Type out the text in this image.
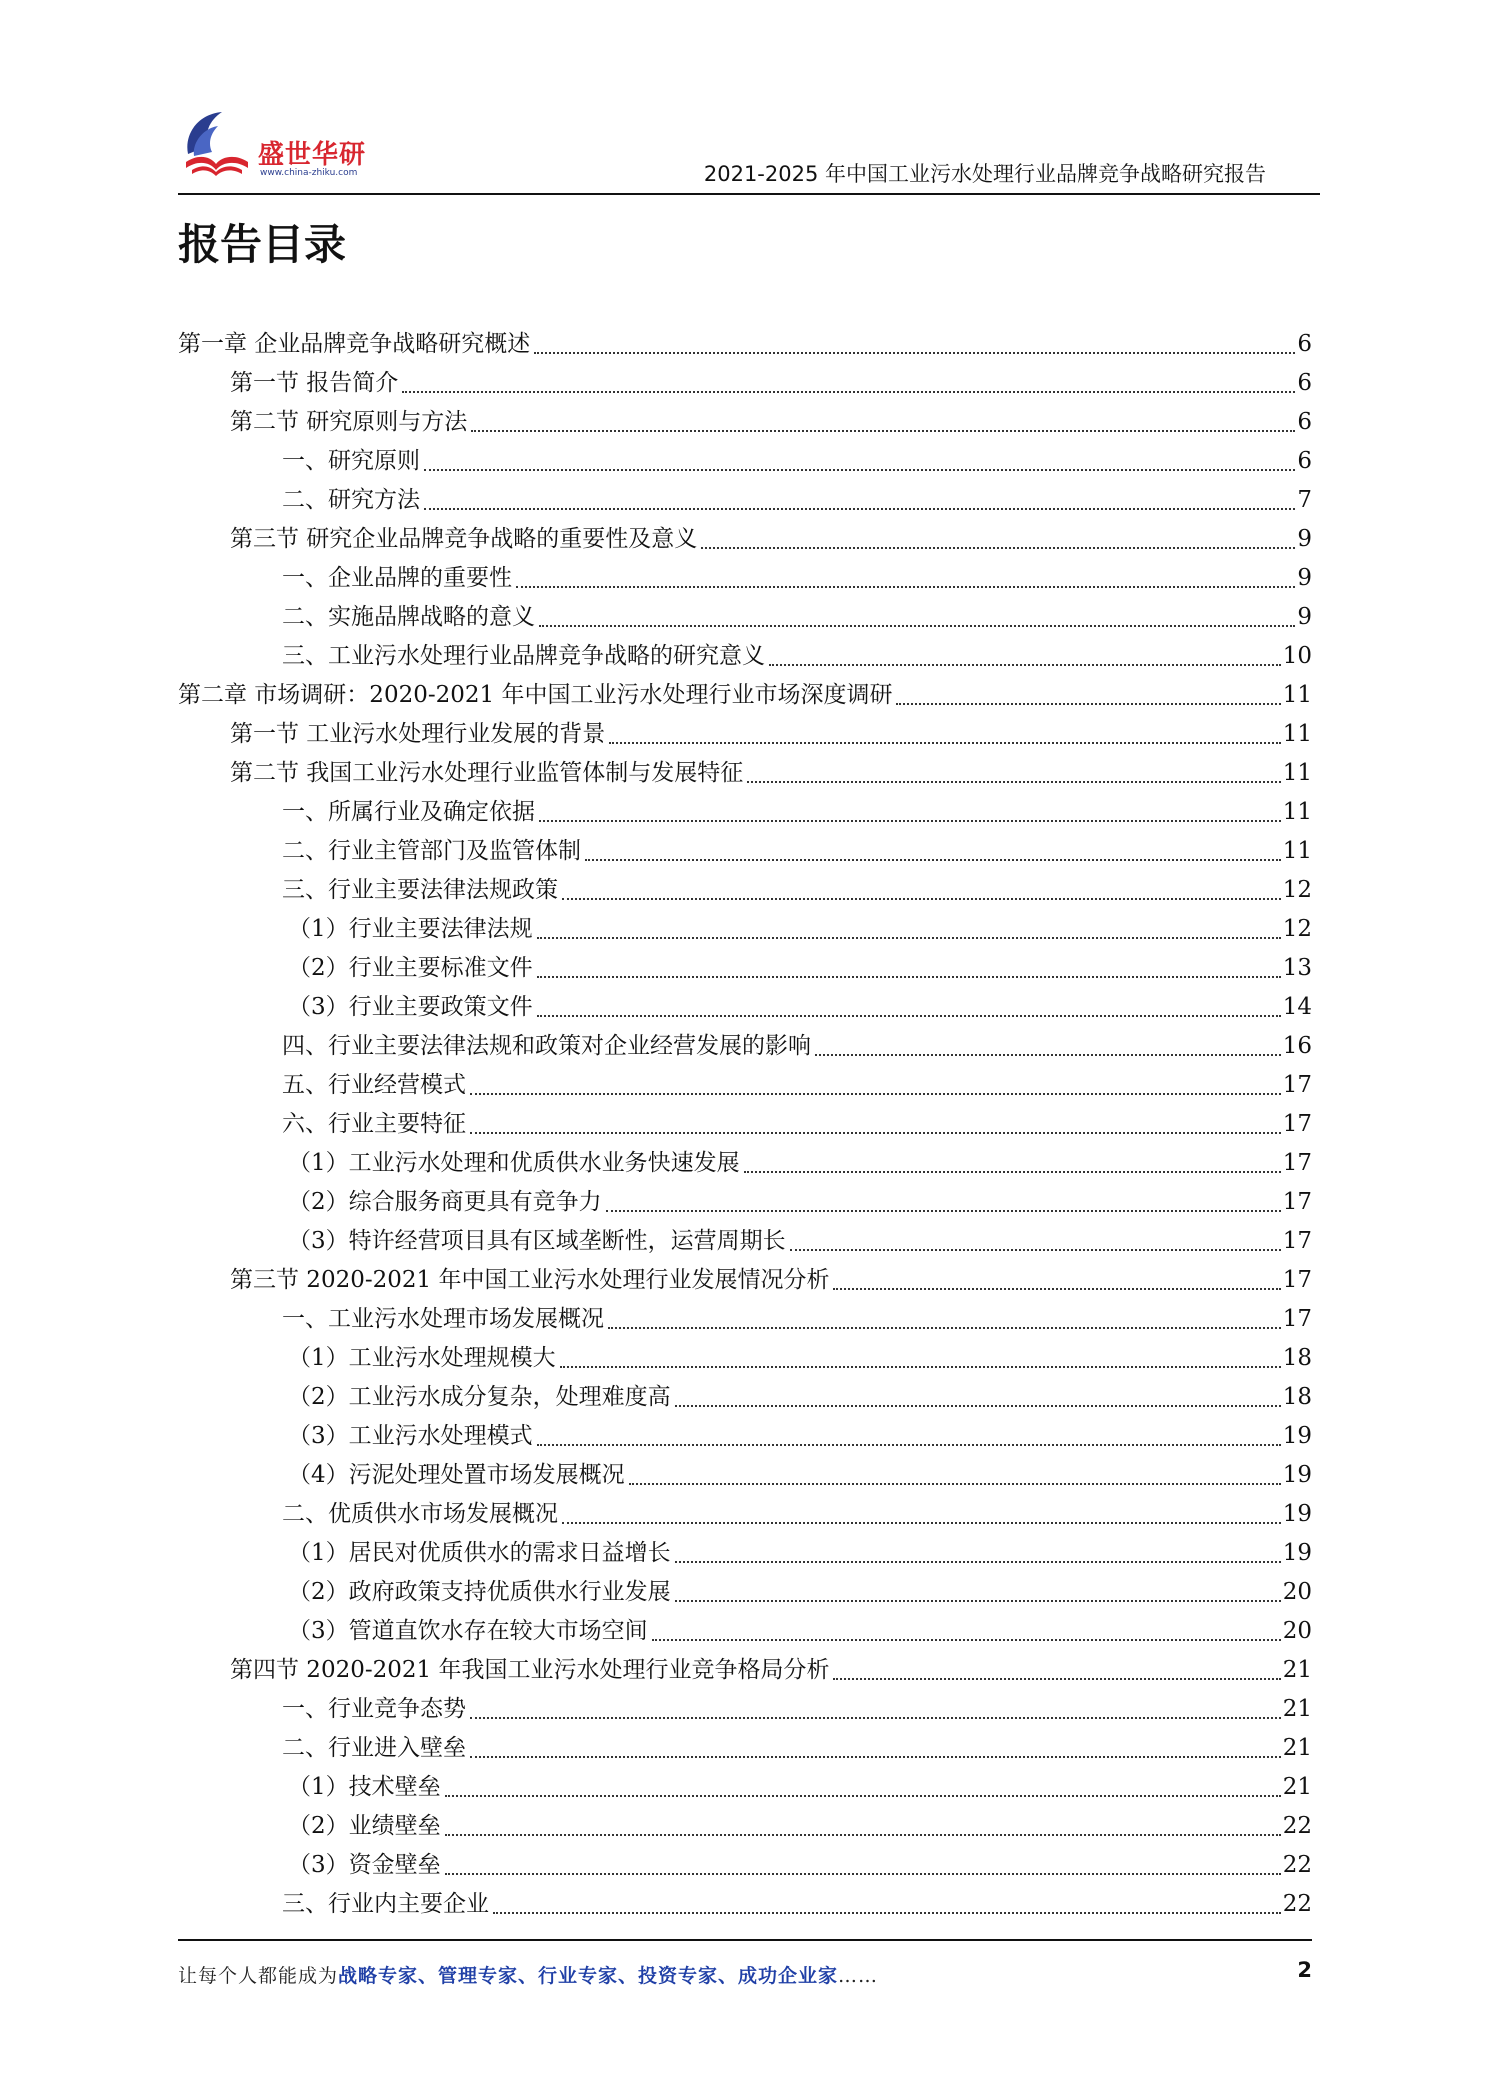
盛世华研
www.china-zhiku.com	2021-2025 年中国工业污水处理行业品牌竞争战略研究报告
报告目录
第一章 企业品牌竞争战略研究概述	6
第一节 报告简介	6
第二节 研究原则与方法	6
一、研究原则	6
二、研究方法	7
第三节 研究企业品牌竞争战略的重要性及意义	9
一、企业品牌的重要性	9
二、实施品牌战略的意义	9
三、工业污水处理行业品牌竞争战略的研究意义	10
第二章 市场调研：2020-2021 年中国工业污水处理行业市场深度调研	11
第一节 工业污水处理行业发展的背景	11
第二节 我国工业污水处理行业监管体制与发展特征	11
一、所属行业及确定依据	11
二、行业主管部门及监管体制	11
三、行业主要法律法规政策	12
（1）行业主要法律法规	12
（2）行业主要标准文件	13
（3）行业主要政策文件	14
四、行业主要法律法规和政策对企业经营发展的影响	16
五、行业经营模式	17
六、行业主要特征	17
（1）工业污水处理和优质供水业务快速发展	17
（2）综合服务商更具有竞争力	17
（3）特许经营项目具有区域垄断性，运营周期长	17
第三节 2020-2021 年中国工业污水处理行业发展情况分析	17
一、工业污水处理市场发展概况	17
（1）工业污水处理规模大	18
（2）工业污水成分复杂，处理难度高	18
（3）工业污水处理模式	19
（4）污泥处理处置市场发展概况	19
二、优质供水市场发展概况	19
（1）居民对优质供水的需求日益增长	19
（2）政府政策支持优质供水行业发展	20
（3）管道直饮水存在较大市场空间	20
第四节 2020-2021 年我国工业污水处理行业竞争格局分析	21
一、行业竞争态势	21
二、行业进入壁垒	21
（1）技术壁垒	21
（2）业绩壁垒	22
（3）资金壁垒	22
三、行业内主要企业	22
让每个人都能成为战略专家、管理专家、行业专家、投资专家、成功企业家……	2
